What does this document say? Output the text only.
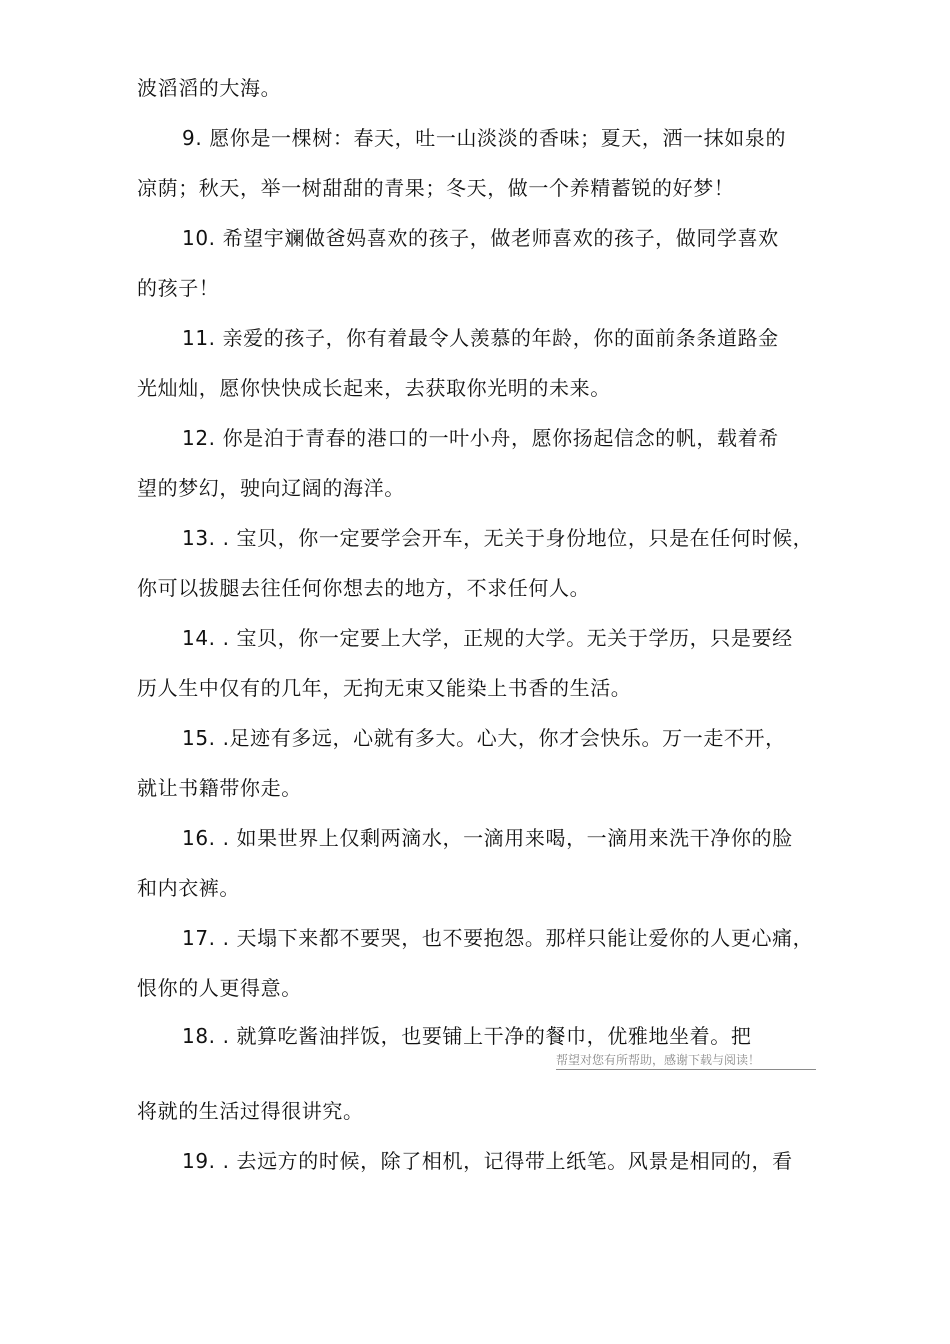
波滔滔的大海。
9. 愿你是一棵树：春天，吐一山淡淡的香味；夏天，洒一抹如泉的
凉荫；秋天，举一树甜甜的青果；冬天，做一个养精蓄锐的好梦！
10. 希望宇斓做爸妈喜欢的孩子，做老师喜欢的孩子，做同学喜欢
的孩子！
11. 亲爱的孩子，你有着最令人羡慕的年龄，你的面前条条道路金
光灿灿，愿你快快成长起来，去获取你光明的未来。
12. 你是泊于青春的港口的一叶小舟，愿你扬起信念的帆，载着希
望的梦幻，驶向辽阔的海洋。
13. . 宝贝，你一定要学会开车，无关于身份地位，只是在任何时候，
你可以拔腿去往任何你想去的地方，不求任何人。
14. . 宝贝，你一定要上大学，正规的大学。无关于学历，只是要经
历人生中仅有的几年，无拘无束又能染上书香的生活。
15. .足迹有多远，心就有多大。心大，你才会快乐。万一走不开，
就让书籍带你走。
16. . 如果世界上仅剩两滴水，一滴用来喝，一滴用来洗干净你的脸
和内衣裤。
17. . 天塌下来都不要哭，也不要抱怨。那样只能让爱你的人更心痛，
恨你的人更得意。
18. . 就算吃酱油拌饭，也要铺上干净的餐巾，优雅地坐着。把
帮望对您有所帮助，感谢下载与阅读！
将就的生活过得很讲究。
19. . 去远方的时候，除了相机，记得带上纸笔。风景是相同的，看
